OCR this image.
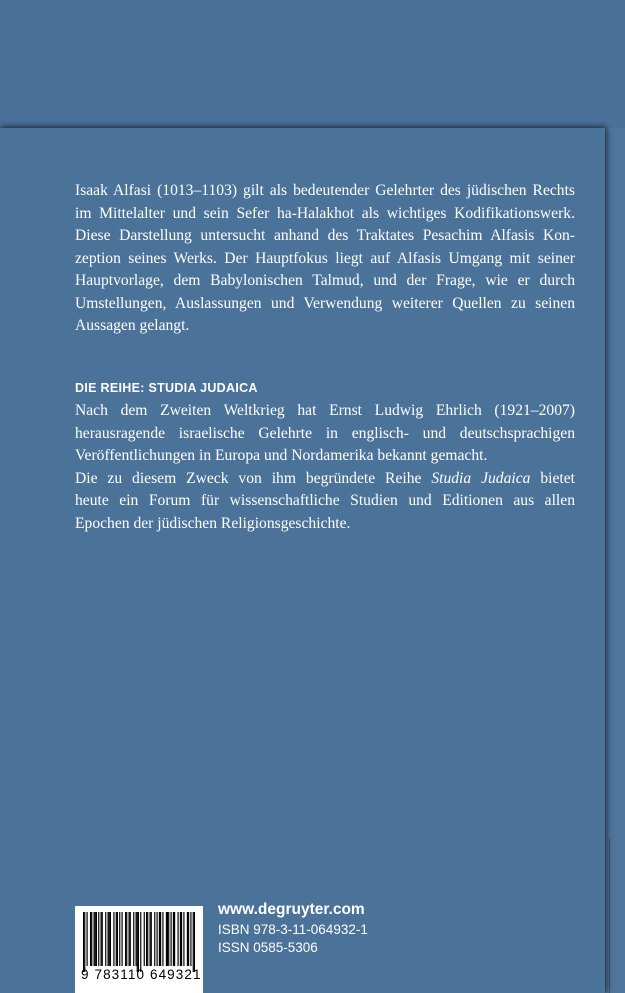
Isaak Alfasi (1013–1103) gilt als bedeutender Gelehrter des jüdischen Rechts
im Mittelalter und sein Sefer ha-Halakhot als wichtiges Kodifikationswerk.
Diese Darstellung untersucht anhand des Traktates Pesachim Alfasis Kon-
zeption seines Werks. Der Hauptfokus liegt auf Alfasis Umgang mit seiner
Hauptvorlage, dem Babylonischen Talmud, und der Frage, wie er durch
Umstellungen, Auslassungen und Verwendung weiterer Quellen zu seinen
Aussagen gelangt.

DIE REIHE: STUDIA JUDAICA
Nach dem Zweiten Weltkrieg hat Ernst Ludwig Ehrlich (1921–2007)
herausragende israelische Gelehrte in englisch- und deutschsprachigen
Veröffentlichungen in Europa und Nordamerika bekannt gemacht.
Die zu diesem Zweck von ihm begründete Reihe Studia Judaica bietet
heute ein Forum für wissenschaftliche Studien und Editionen aus allen
Epochen der jüdischen Religionsgeschichte.
9 783110 649321
www.degruyter.com
ISBN 978-3-11-064932-1
ISSN 0585-5306
